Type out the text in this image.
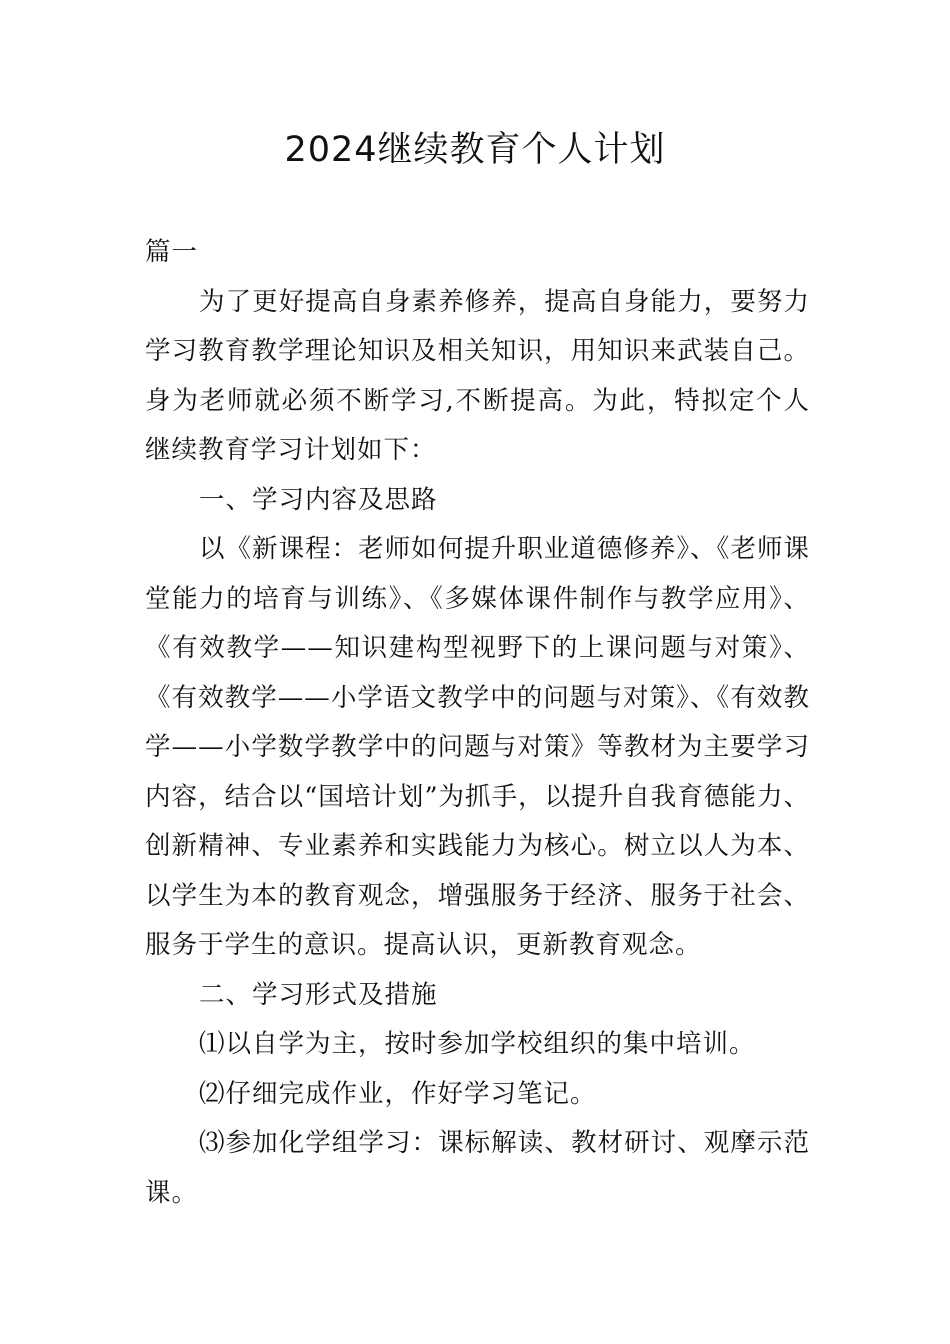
2024继续教育个人计划

篇一

为了更好提高自身素养修养，提高自身能力，要努力学习教育教学理论知识及相关知识，用知识来武装自己。身为老师就必须不断学习,不断提高。为此，特拟定个人继续教育学习计划如下：

一、学习内容及思路

以《新课程：老师如何提升职业道德修养》、《老师课堂能力的培育与训练》、《多媒体课件制作与教学应用》、《有效教学——知识建构型视野下的上课问题与对策》、《有效教学——小学语文教学中的问题与对策》、《有效教学——小学数学教学中的问题与对策》等教材为主要学习内容，结合以“国培计划”为抓手，以提升自我育德能力、创新精神、专业素养和实践能力为核心。树立以人为本、以学生为本的教育观念，增强服务于经济、服务于社会、服务于学生的意识。提高认识，更新教育观念。

二、学习形式及措施

⑴以自学为主，按时参加学校组织的集中培训。

⑵仔细完成作业，作好学习笔记。

⑶参加化学组学习：课标解读、教材研讨、观摩示范课。
